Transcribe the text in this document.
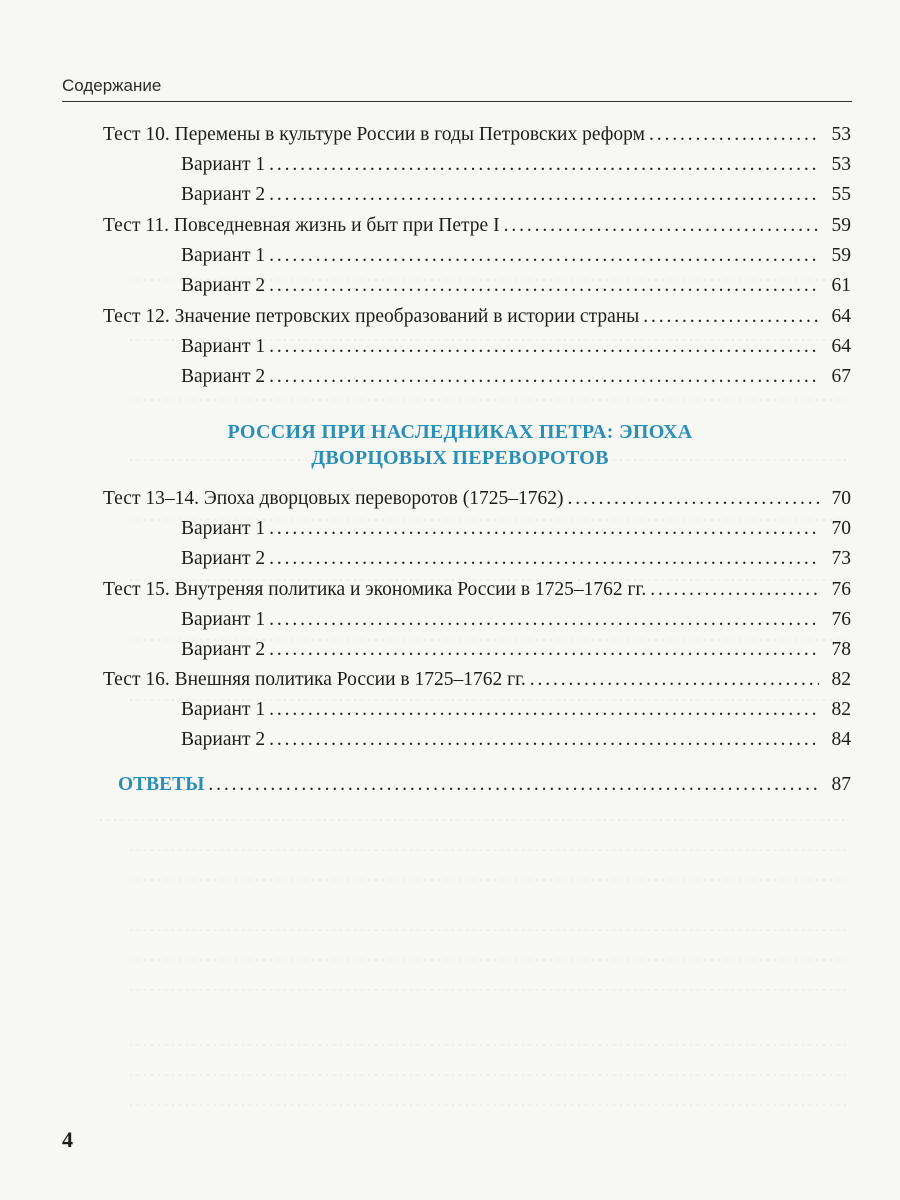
Содержание
Тест 10. Перемены в культуре России в годы Петровских реформ . . .	53
Вариант 1 . . .	53
Вариант 2 . . .	55
Тест 11. Повседневная жизнь и быт при Петре I . . .	59
Вариант 1 . . .	59
Вариант 2 . . .	61
Тест 12. Значение петровских преобразований в истории страны . . .	64
Вариант 1 . . .	64
Вариант 2 . . .	67
РОССИЯ ПРИ НАСЛЕДНИКАХ ПЕТРА: ЭПОХА
ДВОРЦОВЫХ ПЕРЕВОРОТОВ
Тест 13–14. Эпоха дворцовых переворотов (1725–1762) . . .	70
Вариант 1 . . .	70
Вариант 2 . . .	73
Тест 15. Внутреняя политика и экономика России в 1725–1762 гг. . . .	76
Вариант 1 . . .	76
Вариант 2 . . .	78
Тест 16. Внешняя политика России в 1725–1762 гг. . . .	82
Вариант 1 . . .	82
Вариант 2 . . .	84
ОТВЕТЫ . . .	87
4
